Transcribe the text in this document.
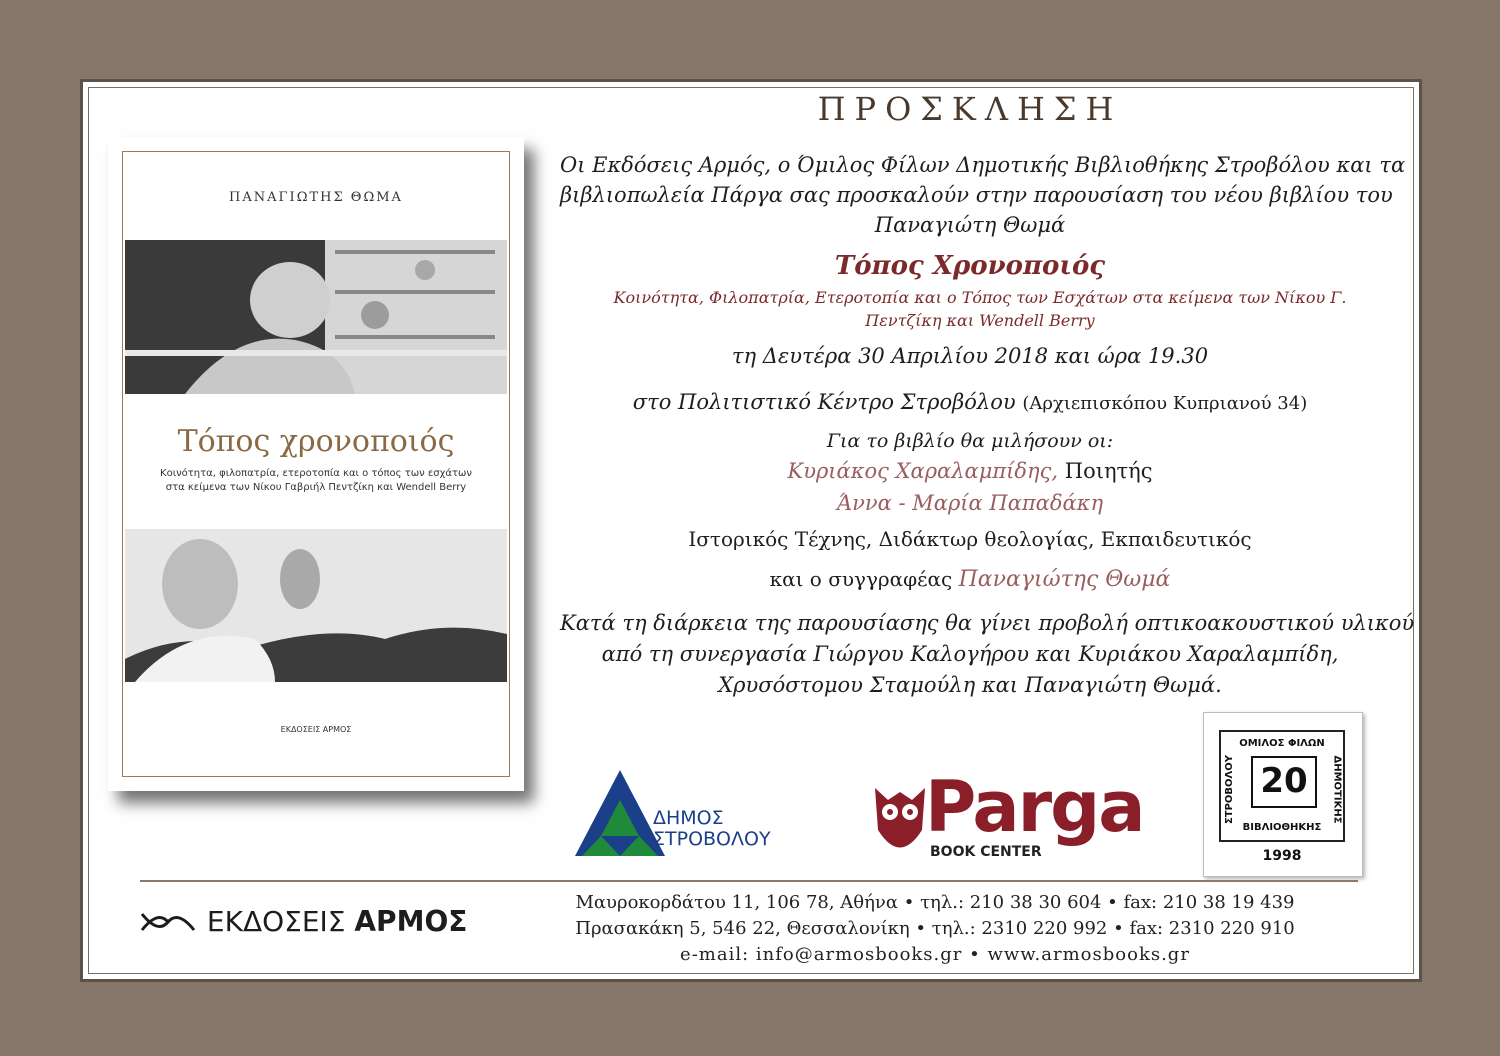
ΠΑΝΑΓΙΩΤΗΣ ΘΩΜΑ
Τόπος χρονοποιός
Κοινότητα, φιλοπατρία, ετεροτοπία και ο τόπος των εσχάτων
στα κείμενα των Νίκου Γαβριήλ Πεντζίκη και Wendell Berry
ΕΚΔΟΣΕΙΣ ΑΡΜΟΣ
ΠΡΟΣΚΛΗΣΗ
Οι Εκδόσεις Αρμός, ο Όμιλος Φίλων Δημοτικής Βιβλιοθήκης Στροβόλου και τα
βιβλιοπωλεία Πάργα σας προσκαλούν στην παρουσίαση του νέου βιβλίου του
Παναγιώτη Θωμά
Τόπος Χρονοποιός
Κοινότητα, Φιλοπατρία, Ετεροτοπία και ο Τόπος των Εσχάτων στα κείμενα των Νίκου Γ.
Πεντζίκη και Wendell Berry
τη Δευτέρα 30 Απριλίου 2018 και ώρα 19.30
στο Πολιτιστικό Κέντρο Στροβόλου (Αρχιεπισκόπου Κυπριανού 34)
Για το βιβλίο θα μιλήσουν οι:
Κυριάκος Χαραλαμπίδης, Ποιητής
Άννα - Μαρία Παπαδάκη
Ιστορικός Τέχνης, Διδάκτωρ θεολογίας, Εκπαιδευτικός
και ο συγγραφέας Παναγιώτης Θωμά
Κατά τη διάρκεια της παρουσίασης θα γίνει προβολή οπτικοακουστικού υλικού
από τη συνεργασία Γιώργου Καλογήρου και Κυριάκου Χαραλαμπίδη,
Χρυσόστομου Σταμούλη και Παναγιώτη Θωμά.
ΔΗΜΟΣ
ΣΤΡΟΒΟΛΟΥ Parga
BOOK CENTER
ΟΜΙΛΟΣ ΦΙΛΩΝ
ΣΤΡΟΒΟΛΟΥ	ΔΗΜΟΤΙΚΗΣ
20
ΒΙΒΛΙΟΘΗΚΗΣ
1998
ΕΚΔΟΣΕΙΣ ΑΡΜΟΣ
Μαυροκορδάτου 11, 106 78, Αθήνα • τηλ.: 210 38 30 604 • fax: 210 38 19 439
Πρασακάκη 5, 546 22, Θεσσαλονίκη • τηλ.: 2310 220 992 • fax: 2310 220 910
e-mail: info@armosbooks.gr • www.armosbooks.gr
